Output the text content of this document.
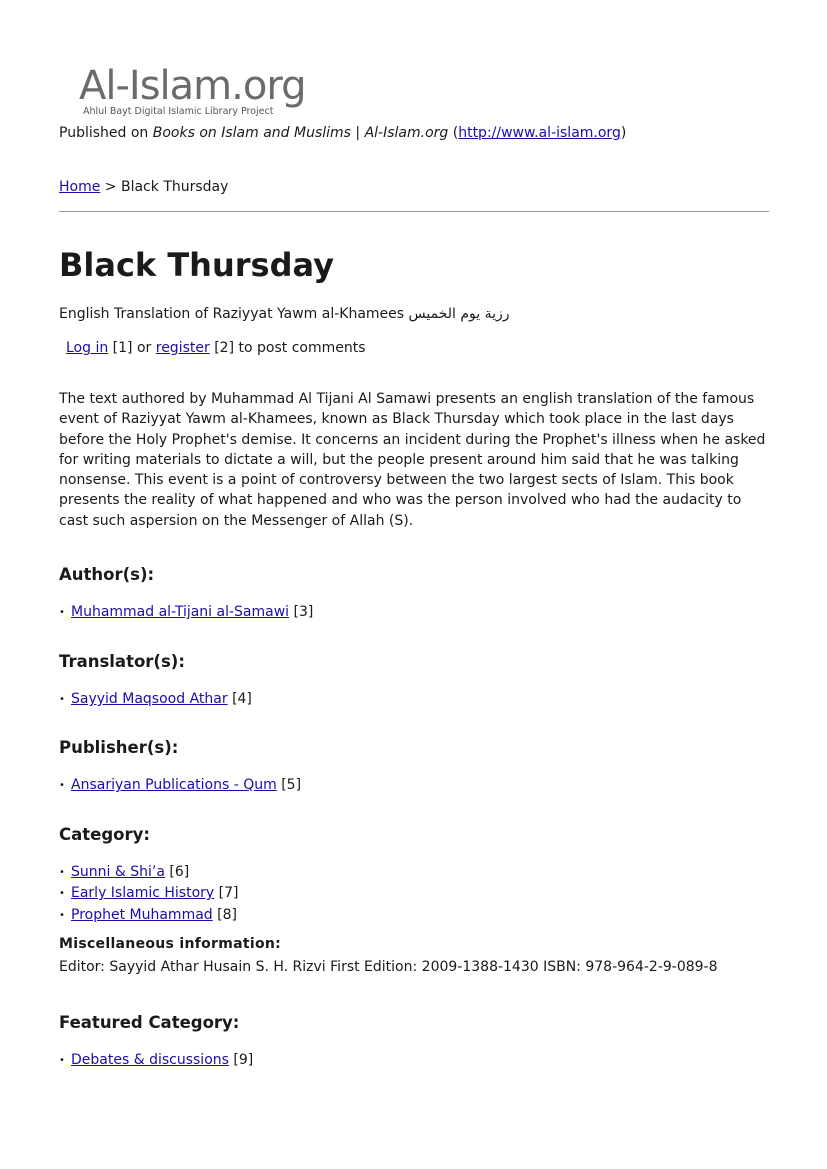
Al-Islam.org
Ahlul Bayt Digital Islamic Library Project
Published on Books on Islam and Muslims | Al-Islam.org (http://www.al-islam.org)
Home > Black Thursday
Black Thursday
English Translation of Raziyyat Yawm al-Khamees رزية يوم الخميس
Log in [1] or register [2] to post comments

The text authored by Muhammad Al Tijani Al Samawi presents an english translation of the famous event of Raziyyat Yawm al-Khamees, known as Black Thursday which took place in the last days before the Holy Prophet's demise. It concerns an incident during the Prophet's illness when he asked for writing materials to dictate a will, but the people present around him said that he was talking nonsense. This event is a point of controversy between the two largest sects of Islam. This book presents the reality of what happened and who was the person involved who had the audacity to cast such aspersion on the Messenger of Allah (S).

Author(s):
• Muhammad al-Tijani al-Samawi [3]
Translator(s):
• Sayyid Maqsood Athar [4]
Publisher(s):
• Ansariyan Publications - Qum [5]
Category:
• Sunni & Shi’a [6]
• Early Islamic History [7]
• Prophet Muhammad [8]
Miscellaneous information:

Editor: Sayyid Athar Husain S. H. Rizvi First Edition: 2009-1388-1430 ISBN: 978-964-2-9-089-8

Featured Category:
• Debates & discussions [9]
